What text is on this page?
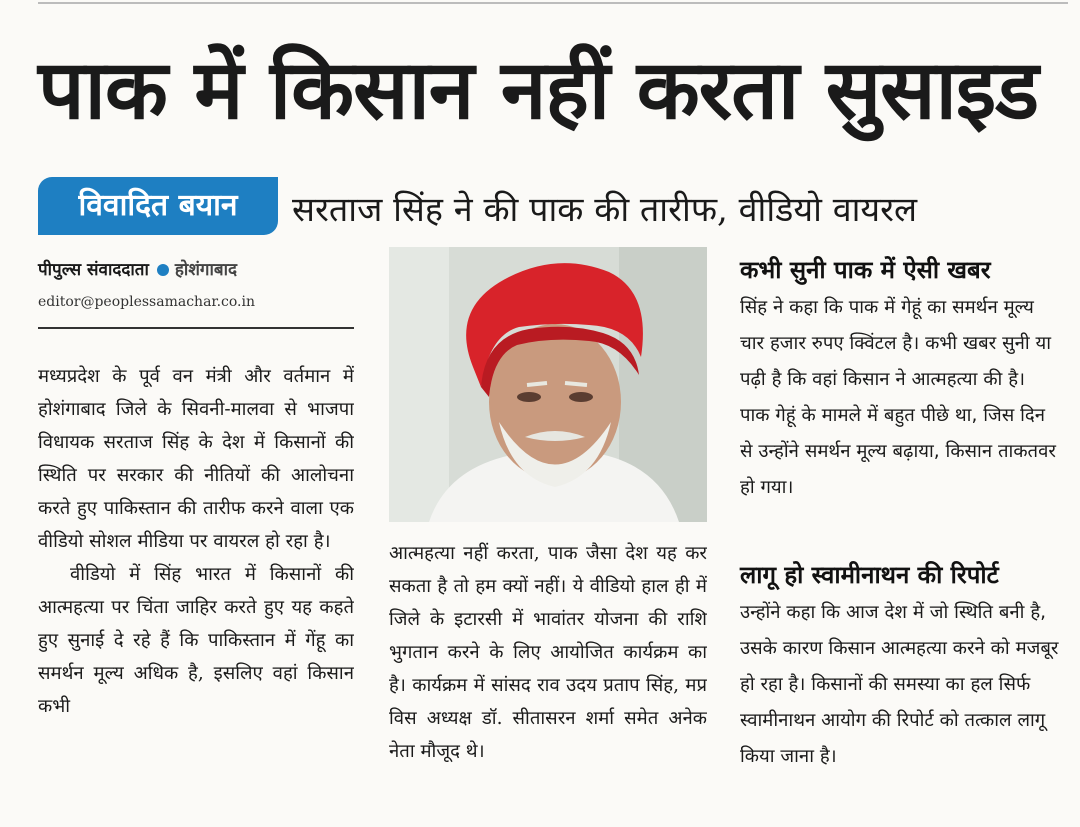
पाक में किसान नहीं करता सुसाइड
विवादित बयान	सरताज सिंह ने की पाक की तारीफ, वीडियो वायरल
पीपुल्स संवाददाता होशंगाबाद
editor@peoplessamachar.co.in

मध्यप्रदेश के पूर्व वन मंत्री और वर्तमान में होशंगाबाद जिले के सिवनी-मालवा से भाजपा विधायक सरताज सिंह के देश में किसानों की स्थिति पर सरकार की नीतियों की आलोचना करते हुए पाकिस्तान की तारीफ करने वाला एक वीडियो सोशल मीडिया पर वायरल हो रहा है।

वीडियो में सिंह भारत में किसानों की आत्महत्या पर चिंता जाहिर करते हुए यह कहते हुए सुनाई दे रहे हैं कि पाकिस्तान में गेंहू का समर्थन मूल्य अधिक है, इसलिए वहां किसान कभी

आत्महत्या नहीं करता, पाक जैसा देश यह कर सकता है तो हम क्यों नहीं। ये वीडियो हाल ही में जिले के इटारसी में भावांतर योजना की राशि भुगतान करने के लिए आयोजित कार्यक्रम का है। कार्यक्रम में सांसद राव उदय प्रताप सिंह, मप्र विस अध्यक्ष डॉ. सीतासरन शर्मा समेत अनेक नेता मौजूद थे।

कभी सुनी पाक में ऐसी खबर
सिंह ने कहा कि पाक में गेहूं का समर्थन मूल्य चार हजार रुपए क्विंटल है। कभी खबर सुनी या पढ़ी है कि वहां किसान ने आत्महत्या की है। पाक गेहूं के मामले में बहुत पीछे था, जिस दिन से उन्होंने समर्थन मूल्य बढ़ाया, किसान ताकतवर हो गया।
लागू हो स्वामीनाथन की रिपोर्ट
उन्होंने कहा कि आज देश में जो स्थिति बनी है, उसके कारण किसान आत्महत्या करने को मजबूर हो रहा है। किसानों की समस्या का हल सिर्फ स्वामीनाथन आयोग की रिपोर्ट को तत्काल लागू किया जाना है।
